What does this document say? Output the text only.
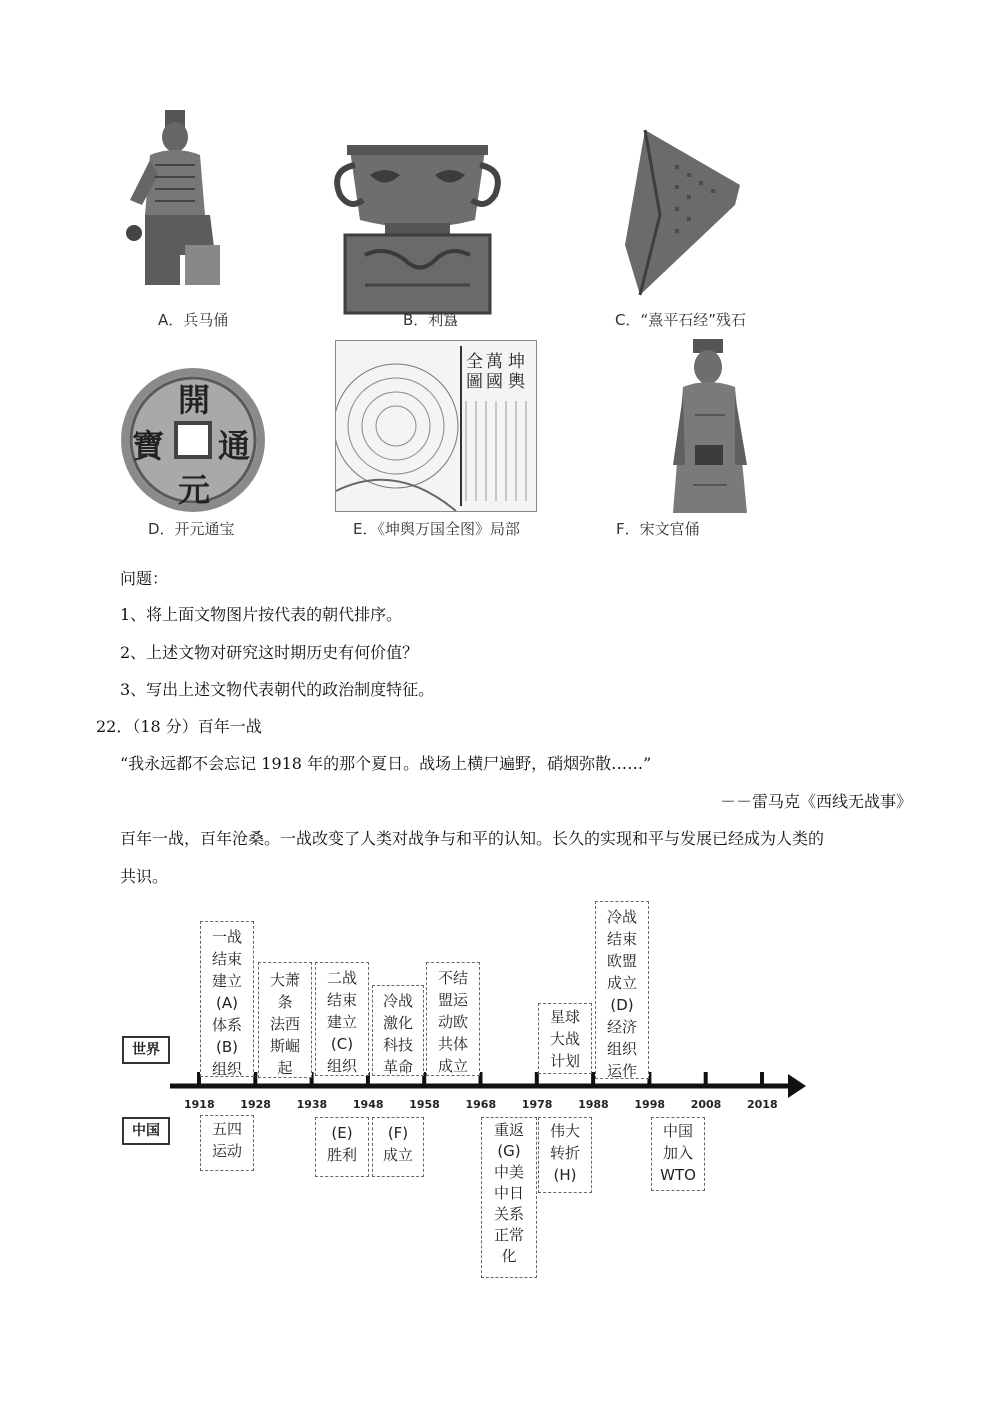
A．兵马俑	B．利簋	C．“熹平石经”残石
開
通
元
寶
坤
輿
萬
國
全
圖
D．开元通宝	E．《坤舆万国全图》局部	F．宋文官俑
问题：
1、将上面文物图片按代表的朝代排序。
2、上述文物对研究这时期历史有何价值？
3、写出上述文物代表朝代的政治制度特征。
22．（18 分）百年一战
“我永远都不会忘记 1918 年的那个夏日。战场上横尸遍野，硝烟弥散……”
－－雷马克《西线无战事》
百年一战，百年沧桑。一战改变了人类对战争与和平的认知。长久的实现和平与发展已经成为人类的
共识。
世界
中国
1918 1928 1938 1948 1958 1968 1978 1988 1998 2008 2018
一战
结束
建立
(A)
体系
(B)
组织
大萧
条
法西
斯崛
起
二战
结束
建立
(C)
组织
冷战
激化
科技
革命
不结
盟运
动欧
共体
成立
星球
大战
计划
冷战
结束
欧盟
成立
(D)
经济
组织
运作
五四
运动
(E)
胜利
(F)
成立
重返
(G)
中美
中日
关系
正常
化
伟大
转折
(H)
中国
加入
WTO
